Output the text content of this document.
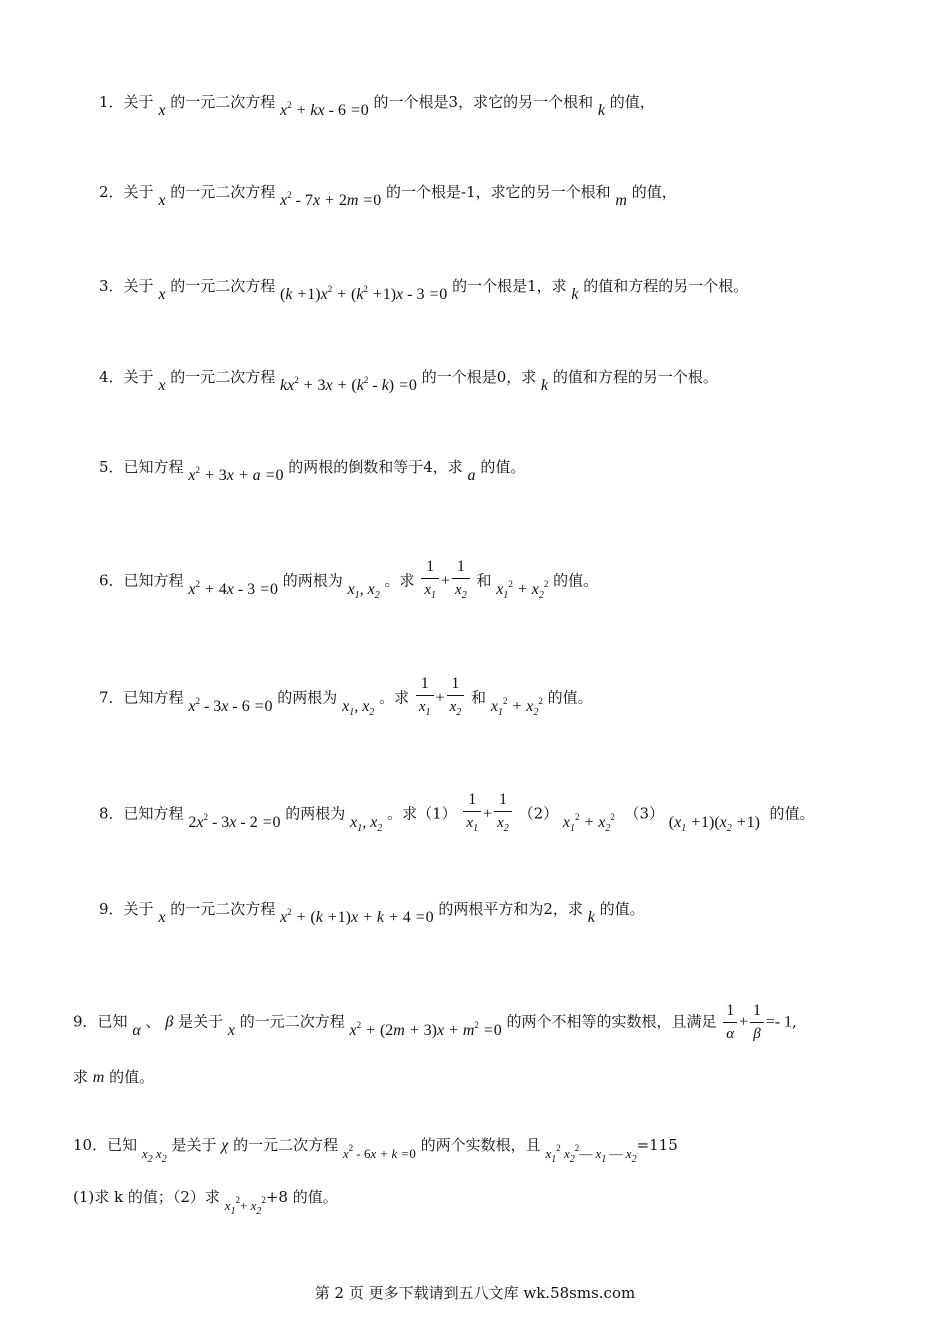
1．关于 x 的一元二次方程 $x^2$ + kx - 6 =0 的一个根是3，求它的另一个根和 k 的值，
2．关于 x 的一元二次方程 $x^2 - 7x + 2m =0$ 的一个根是-1，求它的另一个根和 m 的值，
3．关于 x 的一元二次方程 $(k +1)x^2 + (k^2 +1)x - 3 =0$ 的一个根是1，求 k 的值和方程的另一个根。
4．关于 x 的一元二次方程 $kx^2 + 3x + (k^2 - k) =0$ 的一个根是0，求 k 的值和方程的另一个根。
5．已知方程 $x^2 + 3x + a =0$ 的两根的倒数和等于4，求 a 的值。
6．已知方程 $x^2 + 4x - 3 =0$ 的两根为 $x_1$, $x_2$ 。求 $\frac{1}{x_1} + \frac{1}{x_2}$ 和 $x_1^2 + x_2^2$ 的值。
7．已知方程 $x^2 - 3x - 6 =0$ 的两根为 $x_1$, $x_2$ 。求 $\frac{1}{x_1} + \frac{1}{x_2}$ 和 $x_1^2 + x_2^2$ 的值。
8．已知方程 $2x^2 - 3x - 2 =0$ 的两根为 $x_1$, $x_2$ 。求$(1) \frac{1}{x_1} + \frac{1}{x_2} (2) x_1^2 + x_2^2$ （3） $(x_1 +1)(x_2 +1)$ 的值。
9．关于 x 的一元二次方程 $x^2 + (k +1)x + k + 4 =0$ 的两根平方和为2，求 k 的值。
9．已知 α 、 β 是关于 x 的一元二次方程 $x^2 + (2m + 3)x + m^2 =0$ 的两个不相等的实数根，且满足 $\frac{1}{\alpha} + \frac{1}{\beta} =- 1$,
求 m 的值。
10．已知 $x_2$ $x_2$ 是关于 χ 的一元二次方程 $x^2 - 6x + k =0$ 的两个实数根，且 $x_1^2$ $x_2^2—$ $x_1$ — $x_2=115$
(1)求 k 的值；（2）求 $x_1^2+ x_2^2+8$ 的值。
第 2 页 更多下载请到五八文库 wk.58sms.com
